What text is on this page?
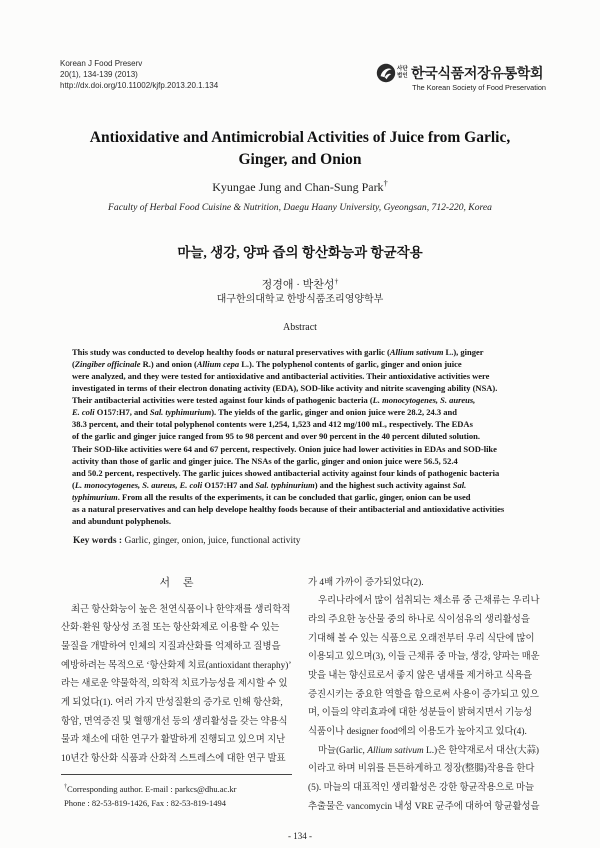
Korean J Food Preserv
20(1), 134-139 (2013)
http://dx.doi.org/10.11002/kjfp.2013.20.1.134
사단법인 한국식품저장유통학회
The Korean Society of Food Preservation
Antioxidative and Antimicrobial Activities of Juice from Garlic,
Ginger, and Onion
Kyungae Jung and Chan-Sung Park†
Faculty of Herbal Food Cuisine & Nutrition, Daegu Haany University, Gyeongsan, 712-220, Korea
마늘, 생강, 양파 즙의 항산화능과 항균작용
정경애 · 박찬성†
대구한의대학교 한방식품조리영양학부
Abstract
This study was conducted to develop healthy foods or natural preservatives with garlic (Allium sativum L.), ginger
(Zingiber officinale R.) and onion (Allium cepa L.). The polyphenol contents of garlic, ginger and onion juice
were analyzed, and they were tested for antioxidative and antibacterial activities. Their antioxidative activities were
investigated in terms of their electron donating activity (EDA), SOD-like activity and nitrite scavenging ability (NSA).
Their antibacterial activities were tested against four kinds of pathogenic bacteria (L. monocytogenes, S. aureus,
E. coli O157:H7, and Sal. typhimurium). The yields of the garlic, ginger and onion juice were 28.2, 24.3 and
38.3 percent, and their total polyphenol contents were 1,254, 1,523 and 412 mg/100 mL, respectively. The EDAs
of the garlic and ginger juice ranged from 95 to 98 percent and over 90 percent in the 40 percent diluted solution.
Their SOD-like activities were 64 and 67 percent, respectively. Onion juice had lower activities in EDAs and SOD-like
activity than those of garlic and ginger juice. The NSAs of the garlic, ginger and onion juice were 56.5, 52.4
and 50.2 percent, respectively. The garlic juices showed antibacterial activity against four kinds of pathogenic bacteria
(L. monocytogenes, S. aureus, E. coli O157:H7 and Sal. typhinurium) and the highest such activity against Sal.
typhimurium. From all the results of the experiments, it can be concluded that garlic, ginger, onion can be used
as a natural preservatives and can help develope healthy foods because of their antibacterial and antioxidative activities
and abundunt polyphenols.
Key words : Garlic, ginger, onion, juice, functional activity
서 론
최근 항산화능이 높은 천연식품이나 한약재를 생리학적
산화·환원 항상성 조절 또는 항산화제로 이용할 수 있는
물질을 개발하여 인체의 지질과산화를 억제하고 질병을
예방하려는 목적으로 ‘항산화제 치료(antioxidant theraphy)’
라는 새로운 약물학적, 의학적 치료가능성을 제시할 수 있
게 되었다(1). 여러 가지 만성질환의 증가로 인해 항산화,
항암, 면역증진 및 혈행개선 등의 생리활성을 갖는 약용식
물과 채소에 대한 연구가 활발하게 진행되고 있으며 지난
10년간 항산화 식품과 산화적 스트레스에 대한 연구 발표
가 4배 가까이 증가되었다(2).
우리나라에서 많이 섭취되는 채소류 중 근채류는 우리나
라의 주요한 농산물 중의 하나로 식이섬유의 생리활성을
기대해 볼 수 있는 식품으로 오래전부터 우리 식단에 많이
이용되고 있으며(3), 이들 근채류 중 마늘, 생강, 양파는 매운
맛을 내는 향신료로서 좋지 않은 냄새를 제거하고 식욕을
증진시키는 중요한 역할을 함으로써 사용이 증가되고 있으
며, 이들의 약리효과에 대한 성분들이 밝혀지면서 기능성
식품이나 designer food에의 이용도가 높아지고 있다(4).
마늘(Garlic, Allium sativum L.)은 한약재로서 대산(大蒜)
이라고 하며 비위를 튼튼하게하고 정장(整腸)작용을 한다
(5). 마늘의 대표적인 생리활성은 강한 항균작용으로 마늘
추출물은 vancomycin 내성 VRE 균주에 대하여 항균활성을
†Corresponding author. E-mail : parkcs@dhu.ac.kr
Phone : 82-53-819-1426, Fax : 82-53-819-1494
- 134 -
